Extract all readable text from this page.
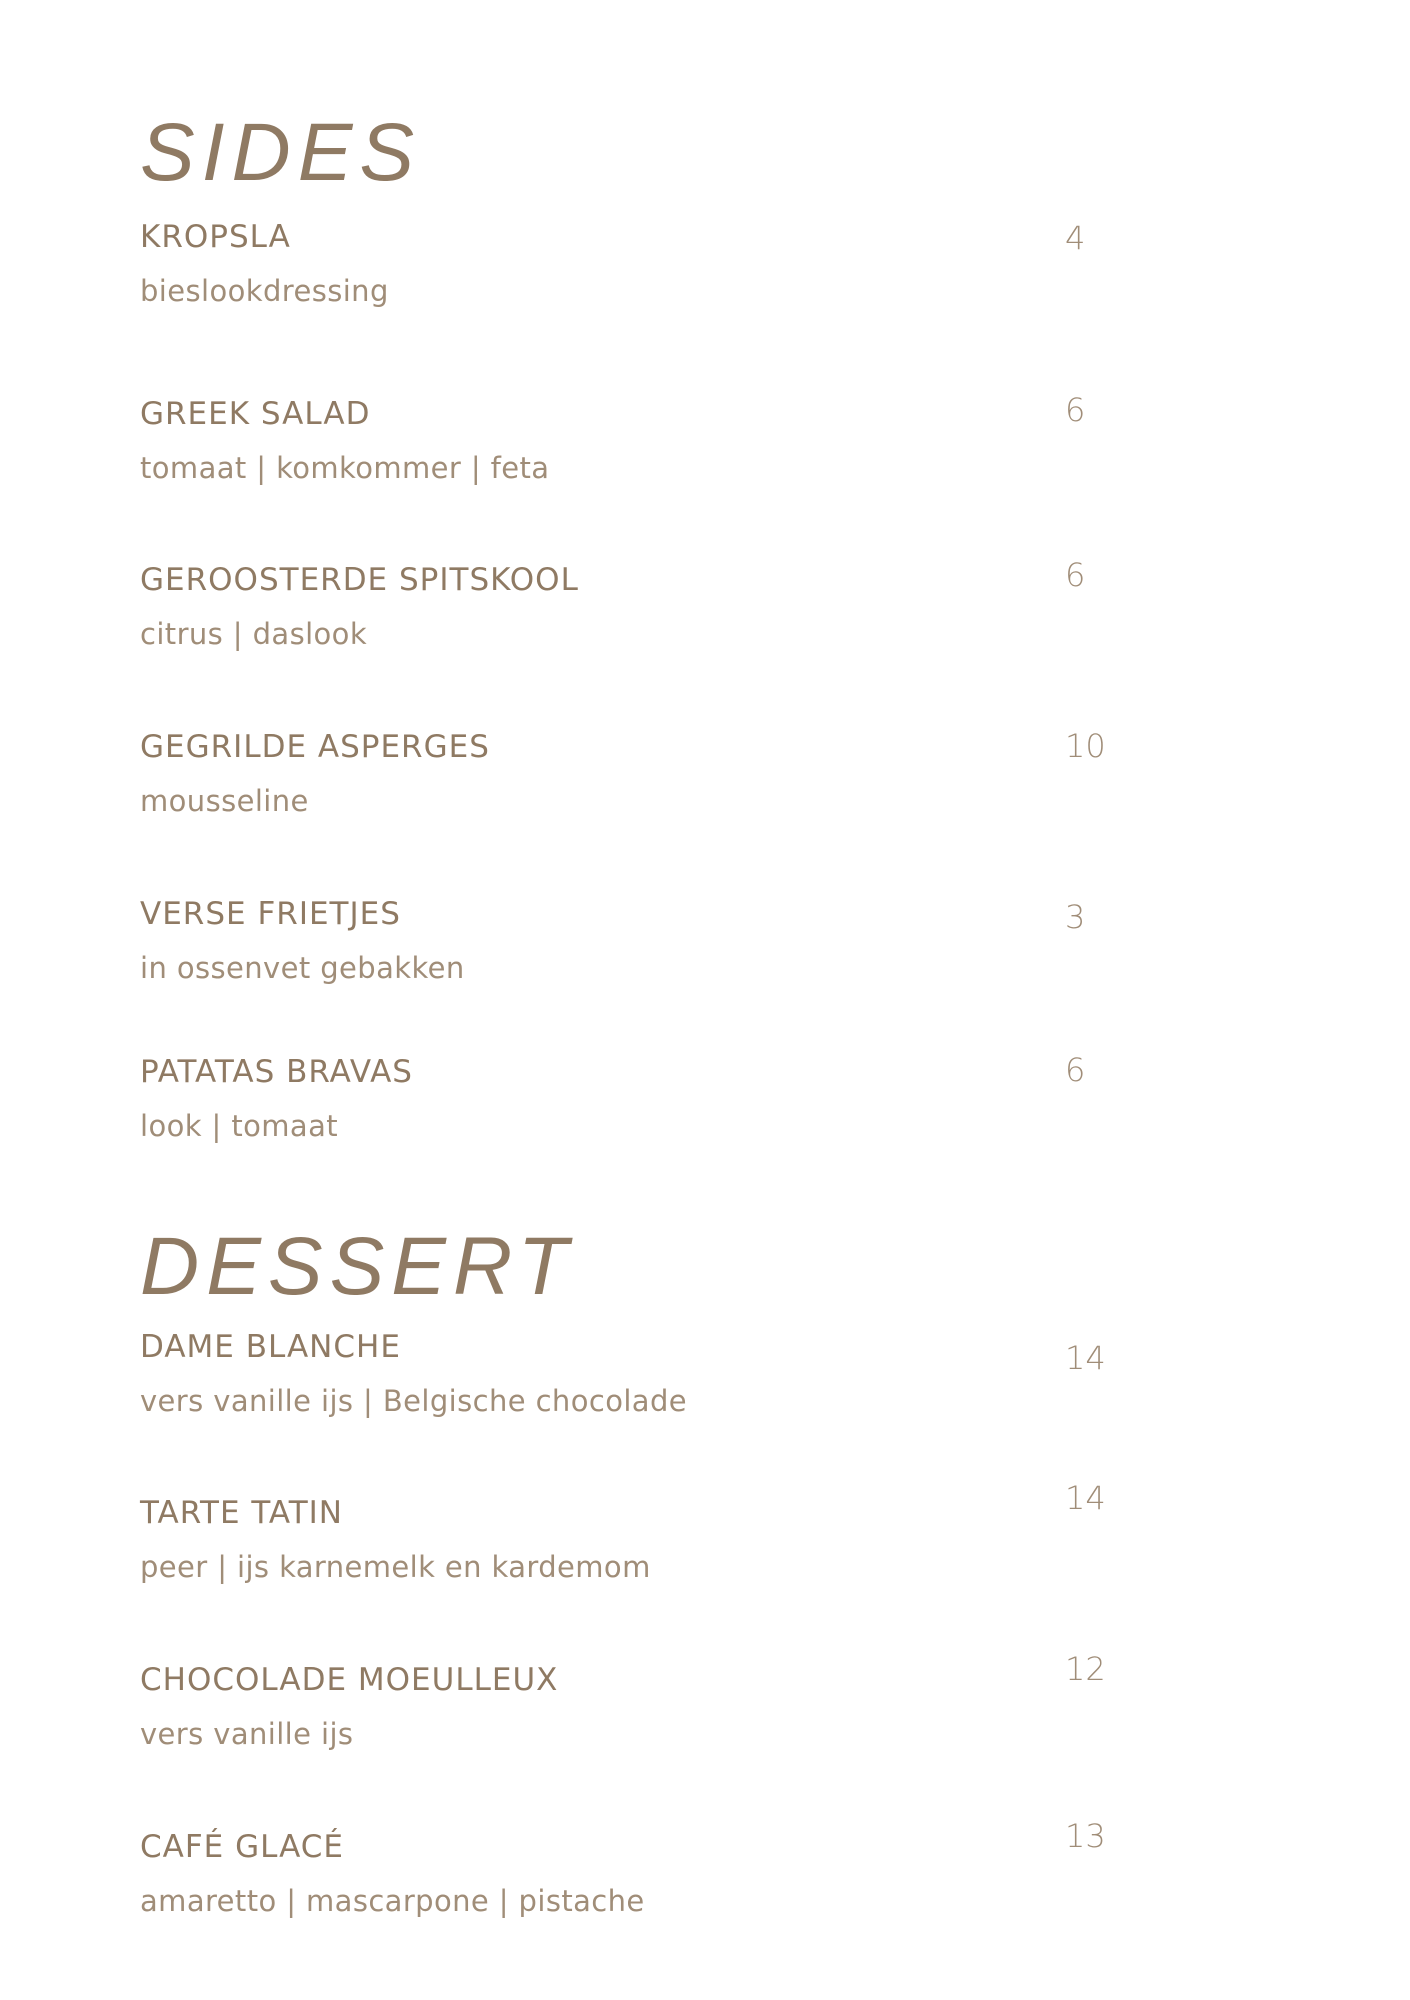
SIDES
KROPSLA
bieslookdressing
4
GREEK SALAD
tomaat | komkommer | feta
6
GEROOSTERDE SPITSKOOL
citrus | daslook
6
GEGRILDE ASPERGES
mousseline
10
VERSE FRIETJES
in ossenvet gebakken
3
PATATAS BRAVAS
look | tomaat
6
DESSERT
DAME BLANCHE
vers vanille ijs | Belgische chocolade
14
TARTE TATIN
peer | ijs karnemelk en kardemom
14
CHOCOLADE MOEULLEUX
vers vanille ijs
12
CAFÉ GLACÉ
amaretto | mascarpone | pistache
13
